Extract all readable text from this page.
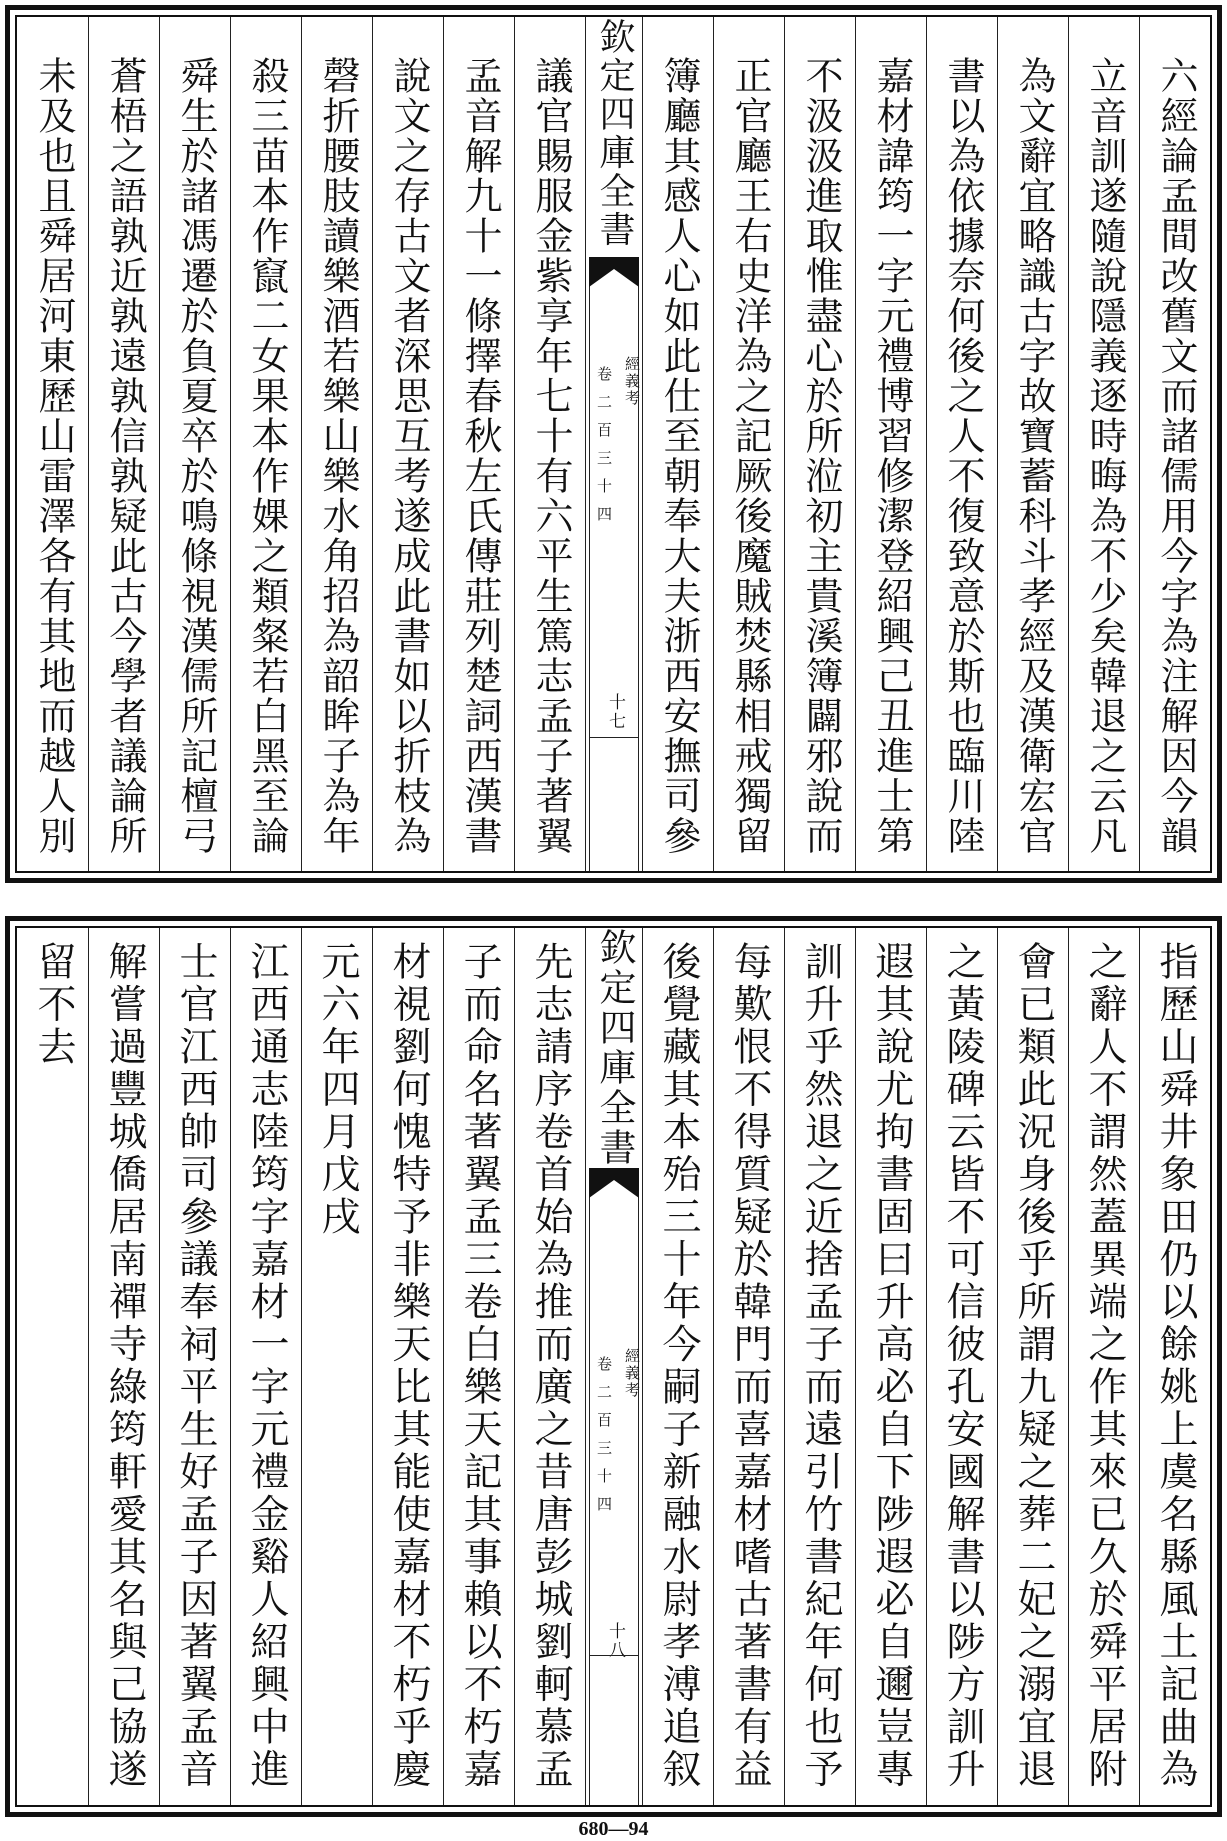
六經論孟間改舊文而諸儒用今字為注解因今韻
立音訓遂隨說隱義逐時晦為不少矣韓退之云凡
為文辭宜略識古字故寶蓄科斗孝經及漢衛宏官
書以為依據奈何後之人不復致意於斯也臨川陸
嘉材諱筠一字元禮博習修潔登紹興己丑進士第
不汲汲進取惟盡心於所涖初主貴溪簿闢邪說而
正官廳王右史洋為之記厥後魔賊焚縣相戒獨留
簿廳其感人心如此仕至朝奉大夫浙西安撫司參
欽定四庫全書
經義考
卷二百三十四
十七
議官賜服金紫享年七十有六平生篤志孟子著翼
孟音解九十一條擇春秋左氏傳莊列楚詞西漢書
說文之存古文者深思互考遂成此書如以折枝為
磬折腰肢讀樂酒若樂山樂水角招為韶眸子為年
殺三苗本作竄二女果本作婐之類粲若白黑至論
舜生於諸馮遷於負夏卒於鳴條視漢儒所記檀弓
蒼梧之語孰近孰遠孰信孰疑此古今學者議論所
未及也且舜居河東歷山雷澤各有其地而越人別
指歷山舜井象田仍以餘姚上虞名縣風土記曲為
之辭人不謂然蓋異端之作其來已久於舜平居附
會已類此況身後乎所謂九疑之葬二妃之溺宜退
之黃陵碑云皆不可信彼孔安國解書以陟方訓升
遐其說尤拘書固曰升高必自下陟遐必自邇豈專
訓升乎然退之近捨孟子而遠引竹書紀年何也予
每歎恨不得質疑於韓門而喜嘉材嗜古著書有益
後覺藏其本殆三十年今嗣子新融水尉孝溥追叙
欽定四庫全書
經義考
卷二百三十四
十八
先志請序卷首始為推而廣之昔唐彭城劉軻慕孟
子而命名著翼孟三卷白樂天記其事賴以不朽嘉
材視劉何愧特予非樂天比其能使嘉材不朽乎慶
元六年四月戊戌
江西通志陸筠字嘉材一字元禮金谿人紹興中進
士官江西帥司參議奉祠平生好孟子因著翼孟音
解嘗過豐城僑居南禪寺綠筠軒愛其名與己協遂
留不去
680—94
